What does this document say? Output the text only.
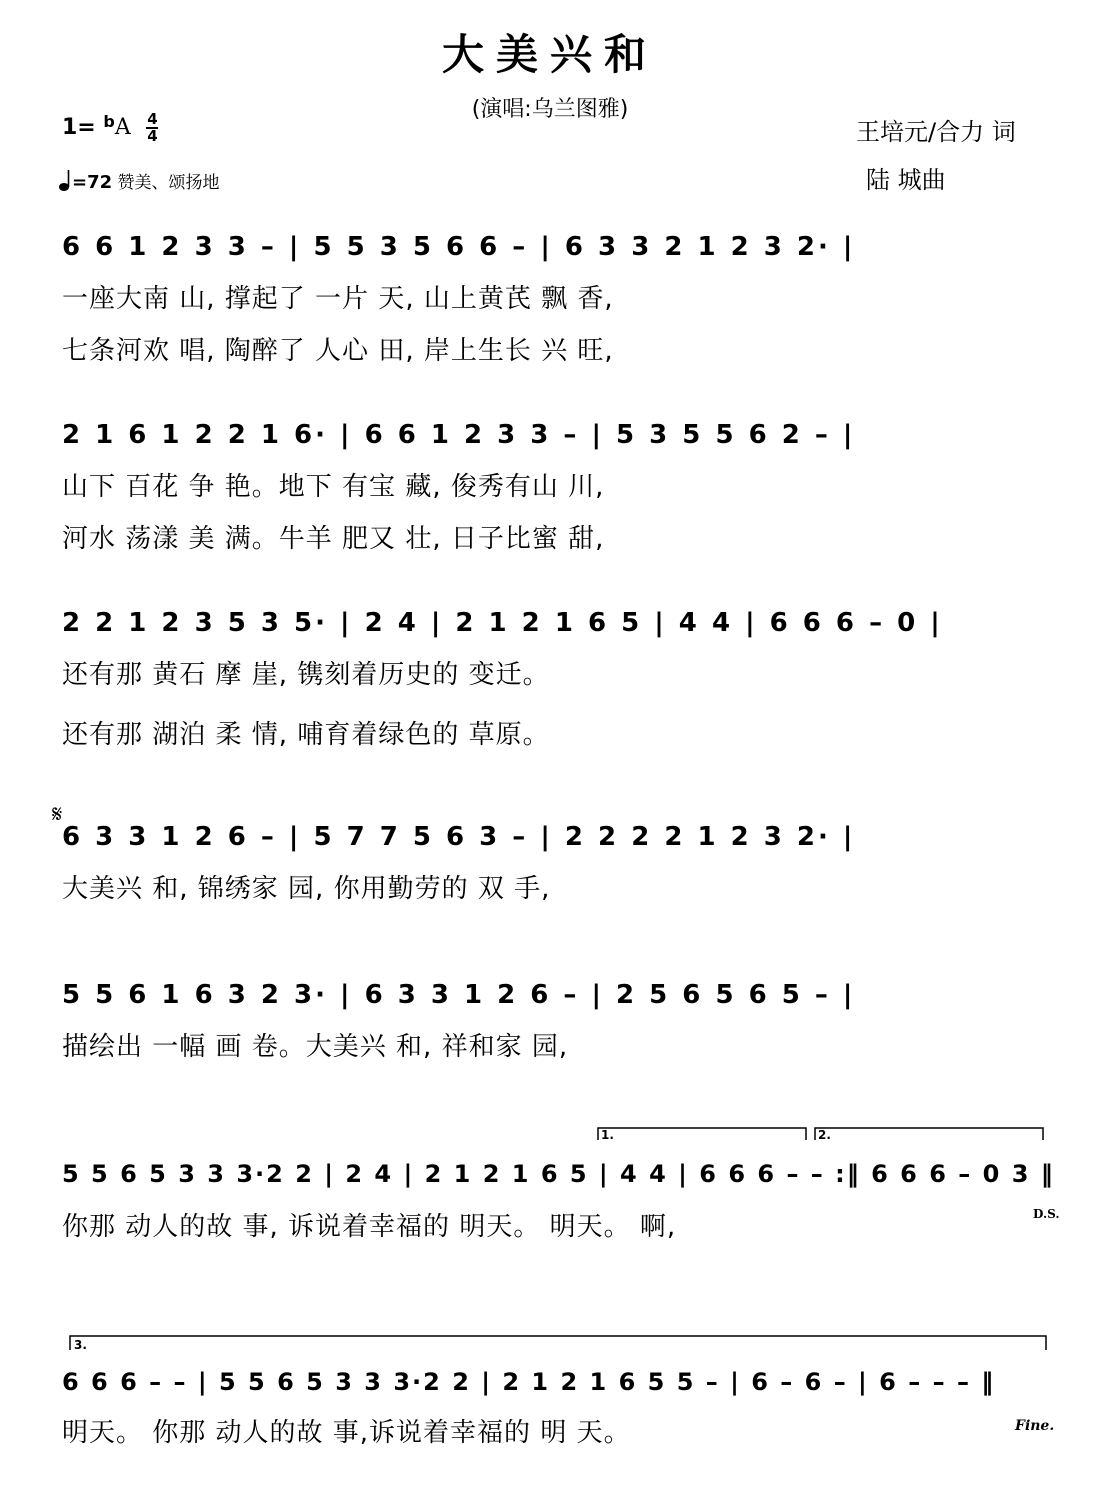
大美兴和
(演唱:乌兰图雅)
王培元/合力 词
陆 城曲
$1= ^bA \frac{4}{4}$
=72 赞美、颂扬地
6 6 1 2 3 3 – | 5 5 3 5 6 6 – | 6 3 3 2 1 2 3 2· |
一座大南 山, 撑起了 一片 天, 山上黄芪 飘 香,
七条河欢 唱, 陶醉了 人心 田, 岸上生长 兴 旺,
2 1 6 1 2 2 1 6· | 6 6 1 2 3 3 – | 5 3 5 5 6 2 – |
山下 百花 争 艳。地下 有宝 藏, 俊秀有山 川,
河水 荡漾 美 满。牛羊 肥又 壮, 日子比蜜 甜,
2 2 1 2 3 5 3 5· | 2 4 | 2 1 2 1 6 5 | 4 4 | 6 6 6 – 0 |
还有那 黄石 摩 崖, 镌刻着历史的 变迁。
还有那 湖泊 柔 情, 哺育着绿色的 草原。
𝄋
6 3 3 1 2 6 – | 5 7 7 5 6 3 – | 2 2 2 2 1 2 3 2· |
大美兴 和, 锦绣家 园, 你用勤劳的 双 手,
5 5 6 1 6 3 2 3· | 6 3 3 1 2 6 – | 2 5 6 5 6 5 – |
描绘出 一幅 画 卷。大美兴 和, 祥和家 园,
1.	2.
5 5 6 5 3 3 3·2 2 | 2 4 | 2 1 2 1 6 5 | 4 4 | 6 6 6 – – :‖ 6 6 6 – 0 3 ‖
你那 动人的故 事, 诉说着幸福的 明天。 明天。 啊,	D.S.
3.
6 6 6 – – | 5 5 6 5 3 3 3·2 2 | 2 1 2 1 6 5 5 – | 6 – 6 – | 6 – – – ‖
明天。 你那 动人的故 事,诉说着幸福的 明 天。	Fine.
